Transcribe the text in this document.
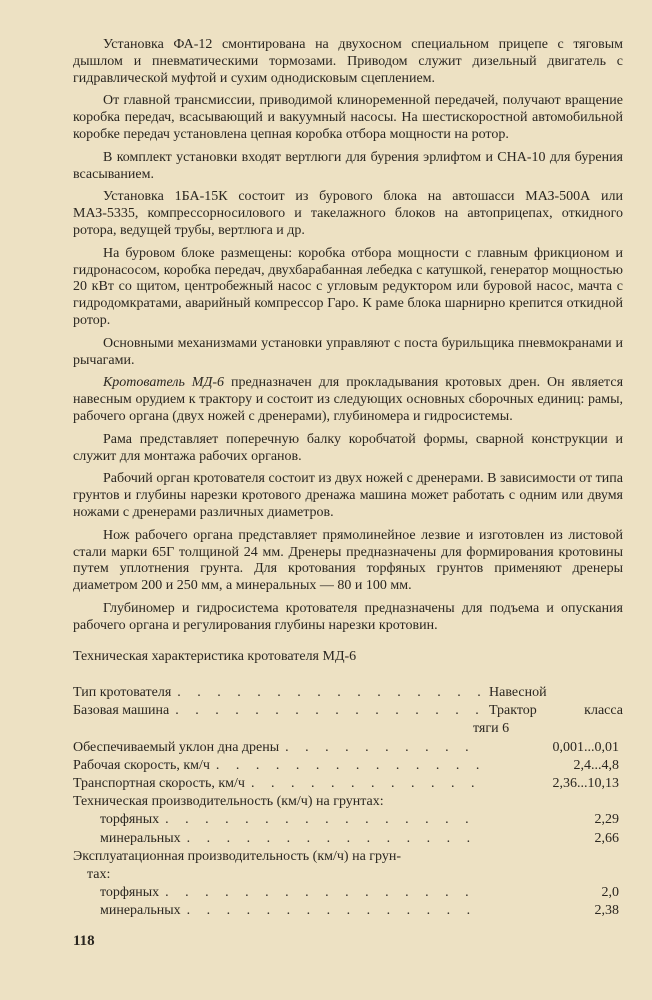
Установка ФА-12 смонтирована на двухосном специальном прицепе с тяговым дышлом и пневматическими тормозами. Приводом служит дизельный двигатель с гидравлической муфтой и сухим однодисковым сцеплением.

От главной трансмиссии, приводимой клиноременной передачей, получают вращение коробка передач, всасывающий и вакуумный насосы. На шестискоростной автомобильной коробке передач установлена цепная коробка отбора мощности на ротор.

В комплект установки входят вертлюги для бурения эрлифтом и СНА-10 для бурения всасыванием.

Установка 1БА-15К состоит из бурового блока на автошасси МАЗ-500А или МАЗ-5335, компрессорносилового и такелажного блоков на автоприцепах, откидного ротора, ведущей трубы, вертлюга и др.

На буровом блоке размещены: коробка отбора мощности с главным фрикционом и гидронасосом, коробка передач, двухбарабанная лебедка с катушкой, генератор мощностью 20 кВт со щитом, центробежный насос с угловым редуктором или буровой насос, мачта с гидродомкратами, аварийный компрессор Гаро. К раме блока шарнирно крепится откидной ротор.

Основными механизмами установки управляют с поста бурильщика пневмокранами и рычагами.

Кротователь МД-6 предназначен для прокладывания кротовых дрен. Он является навесным орудием к трактору и состоит из следующих основных сборочных единиц: рамы, рабочего органа (двух ножей с дренерами), глубиномера и гидросистемы.

Рама представляет поперечную балку коробчатой формы, сварной конструкции и служит для монтажа рабочих органов.

Рабочий орган кротователя состоит из двух ножей с дренерами. В зависимости от типа грунтов и глубины нарезки кротового дренажа машина может работать с одним или двумя ножами с дренерами различных диаметров.

Нож рабочего органа представляет прямолинейное лезвие и изготовлен из листовой стали марки 65Г толщиной 24 мм. Дренеры предназначены для формирования кротовины путем уплотнения грунта. Для кротования торфяных грунтов применяют дренеры диаметром 200 и 250 мм, а минеральных — 80 и 100 мм.

Глубиномер и гидросистема кротователя предназначены для подъема и опускания рабочего органа и регулирования глубины нарезки кротовин.

Техническая характеристика кротователя МД-6
Тип кротователя . . .	Навесной
Базовая машина . . .	Трактор	класса
тяги 6
Обеспечиваемый уклон дна дрены . . .	0,001...0,01
Рабочая скорость, км/ч . . .	2,4...4,8
Транспортная скорость, км/ч . . .	2,36...10,13
Техническая производительность (км/ч) на грунтах:
торфяных . . .	2,29
минеральных . . .	2,66
Эксплуатационная производительность (км/ч) на грун-
тах:
торфяных . . .	2,0
минеральных . . .	2,38
118
